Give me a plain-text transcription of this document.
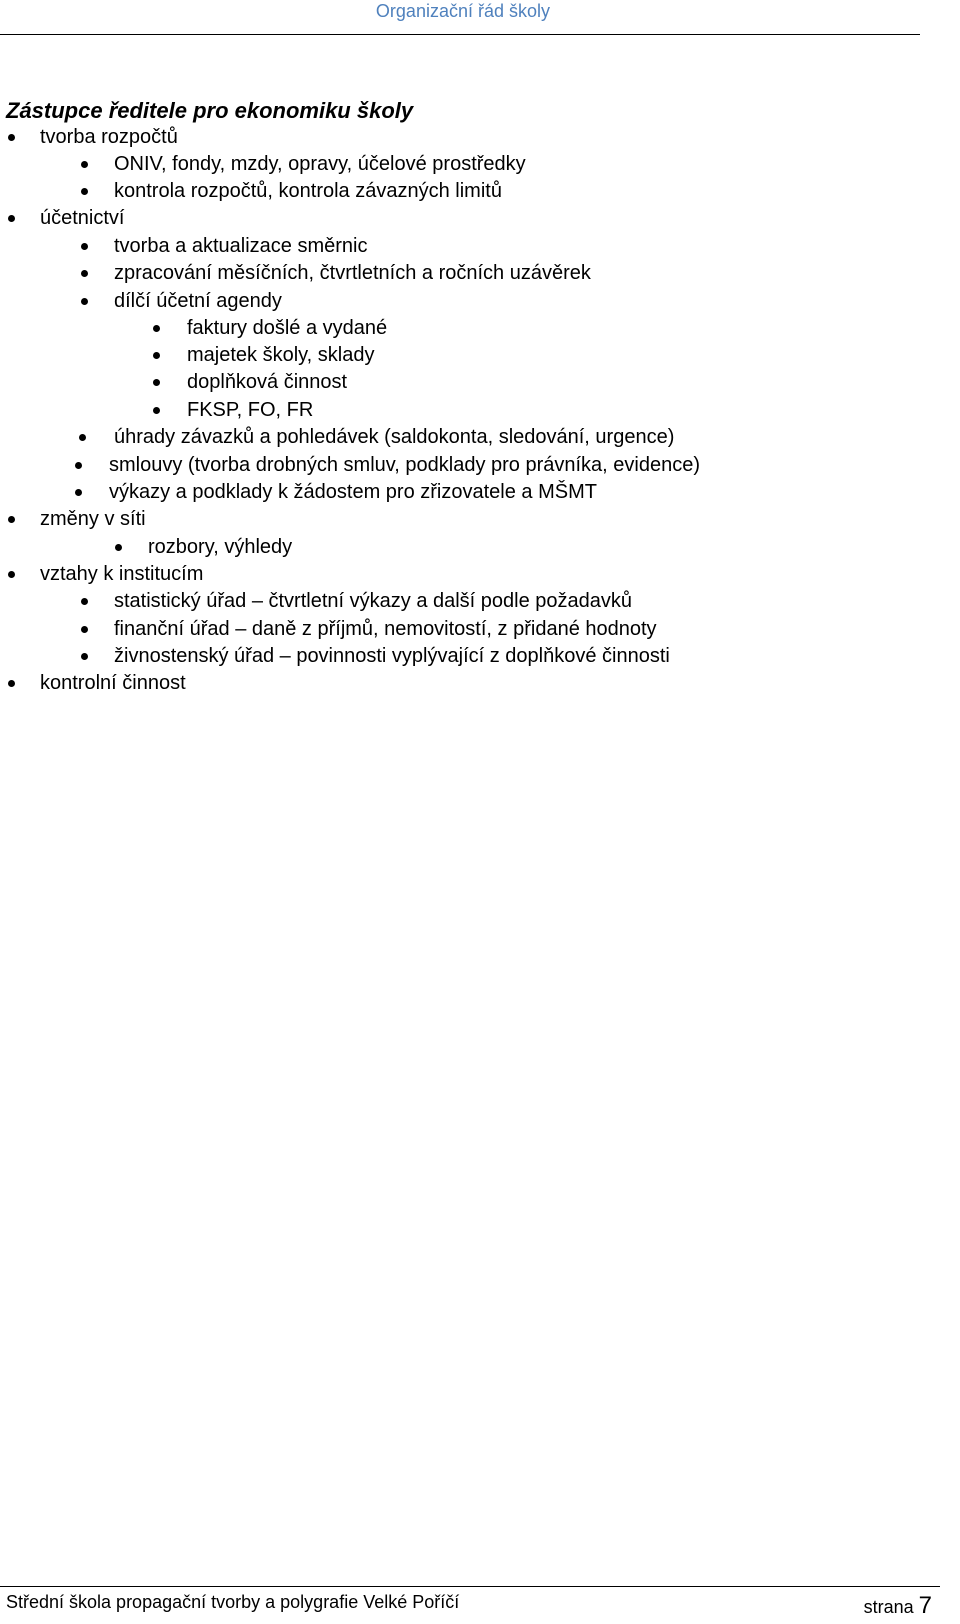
Organizační řád školy
Zástupce ředitele pro ekonomiku školy
tvorba rozpočtů
ONIV, fondy, mzdy, opravy, účelové prostředky
kontrola rozpočtů, kontrola závazných limitů
účetnictví
tvorba a aktualizace směrnic
zpracování měsíčních, čtvrtletních a ročních uzávěrek
dílčí účetní agendy
faktury došlé a vydané
majetek školy, sklady
doplňková činnost
FKSP, FO, FR
úhrady závazků a pohledávek (saldokonta, sledování, urgence)
smlouvy (tvorba drobných smluv, podklady pro právníka, evidence)
výkazy a podklady k žádostem pro zřizovatele a MŠMT
změny v síti
rozbory, výhledy
vztahy k institucím
statistický úřad – čtvrtletní výkazy a další podle požadavků
finanční úřad – daně z příjmů, nemovitostí, z přidané hodnoty
živnostenský úřad – povinnosti vyplývající z doplňkové činnosti
kontrolní činnost
Střední škola propagační tvorby a polygrafie Velké Poříčí	strana 7
